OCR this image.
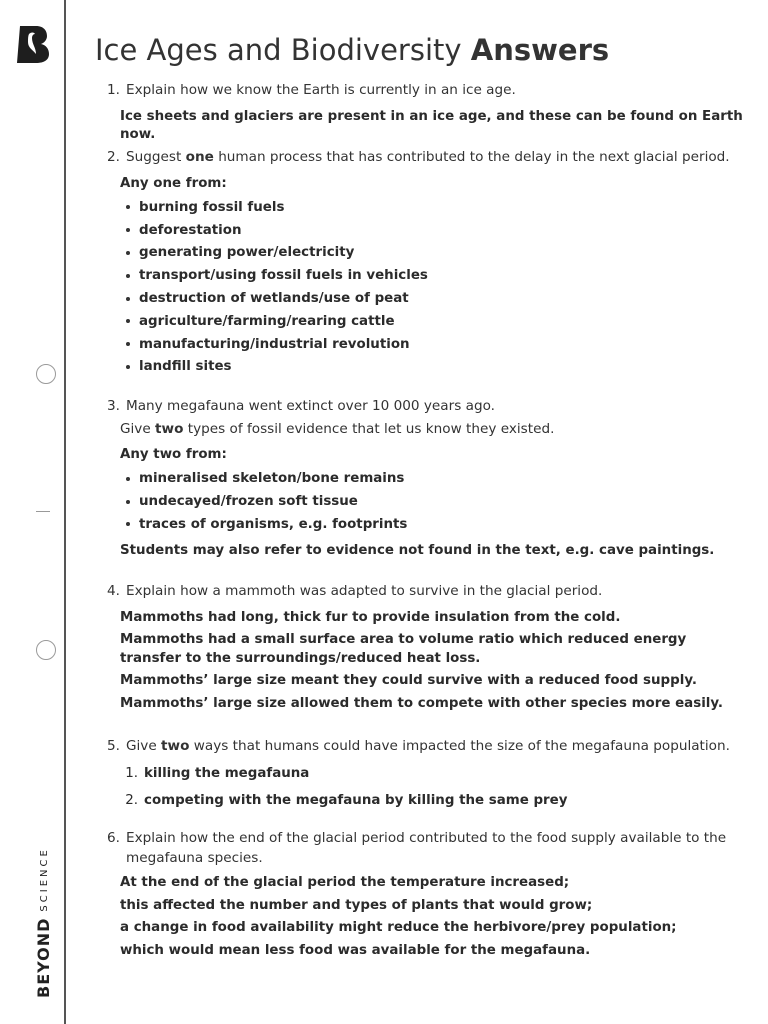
BEYONDSCIENCE
Ice Ages and Biodiversity Answers
1. Explain how we know the Earth is currently in an ice age.
Ice sheets and glaciers are present in an ice age, and these can be found on Earth now.
2. Suggest one human process that has contributed to the delay in the next glacial period.
Any one from:
burning fossil fuels
deforestation
generating power/electricity
transport/using fossil fuels in vehicles
destruction of wetlands/use of peat
agriculture/farming/rearing cattle
manufacturing/industrial revolution
landfill sites
3. Many megafauna went extinct over 10 000 years ago.
Give two types of fossil evidence that let us know they existed.
Any two from:
mineralised skeleton/bone remains
undecayed/frozen soft tissue
traces of organisms, e.g. footprints
Students may also refer to evidence not found in the text, e.g. cave paintings.
4. Explain how a mammoth was adapted to survive in the glacial period.
Mammoths had long, thick fur to provide insulation from the cold.
Mammoths had a small surface area to volume ratio which reduced energy transfer to the surroundings/reduced heat loss.
Mammoths’ large size meant they could survive with a reduced food supply.
Mammoths’ large size allowed them to compete with other species more easily.
5. Give two ways that humans could have impacted the size of the megafauna population.
1. killing the megafauna
2. competing with the megafauna by killing the same prey
6. Explain how the end of the glacial period contributed to the food supply available to the megafauna species.
At the end of the glacial period the temperature increased;
this affected the number and types of plants that would grow;
a change in food availability might reduce the herbivore/prey population;
which would mean less food was available for the megafauna.
